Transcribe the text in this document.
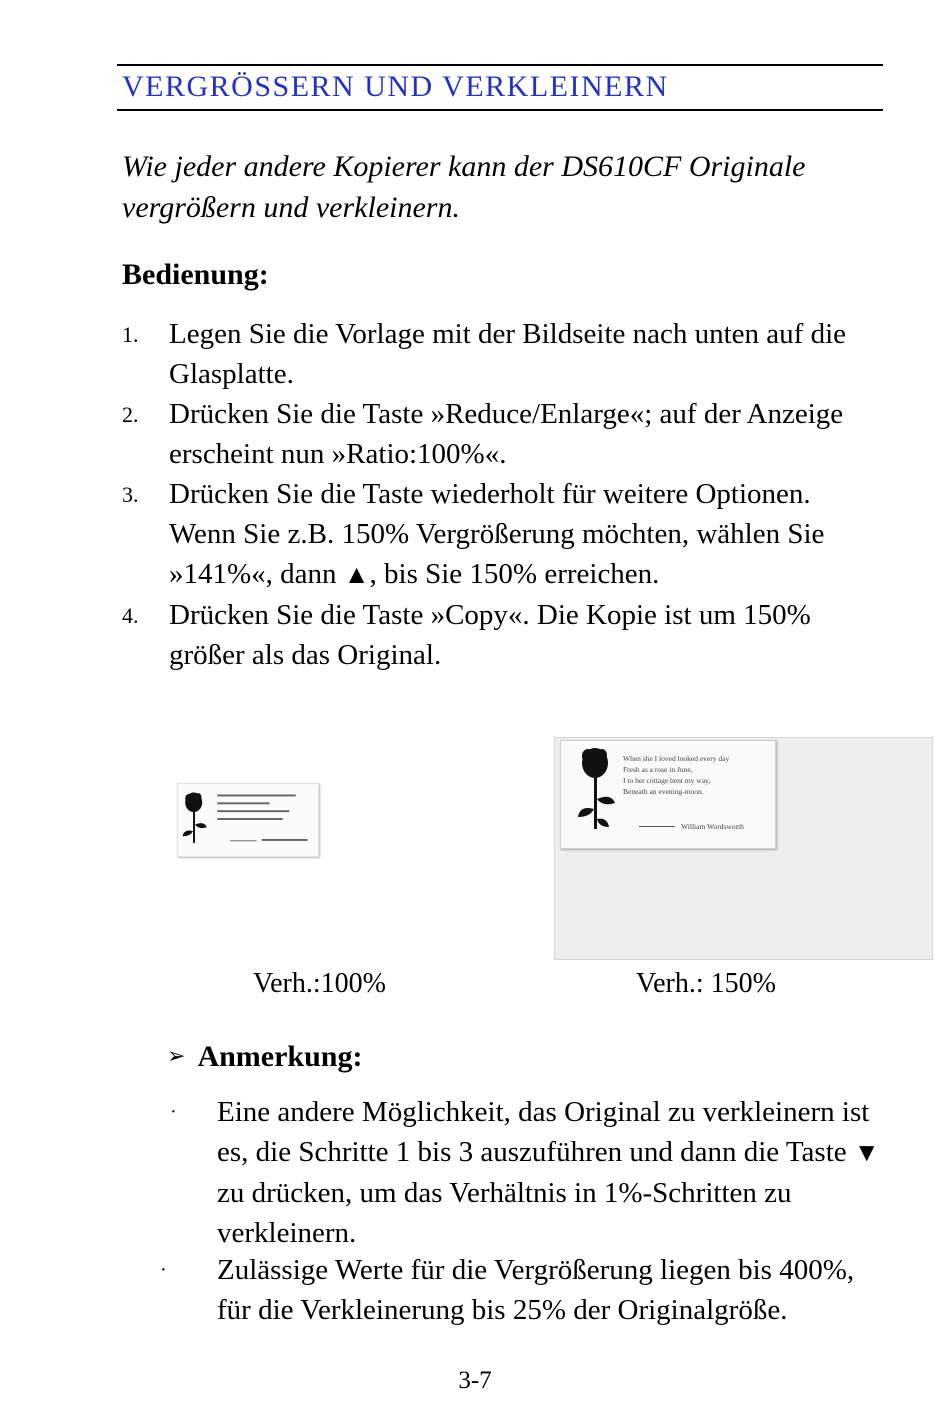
VERGRÖSSERN UND VERKLEINERN
Wie jeder andere Kopierer kann der DS610CF Originale vergrößern und verkleinern.
Bedienung:
1. Legen Sie die Vorlage mit der Bildseite nach unten auf die Glasplatte.
2. Drücken Sie die Taste »Reduce/Enlarge«; auf der Anzeige erscheint nun »Ratio:100%«.
3. Drücken Sie die Taste wiederholt für weitere Optionen. Wenn Sie z.B. 150% Vergrößerung möchten, wählen Sie »141%«, dann ▲, bis Sie 150% erreichen.
4. Drücken Sie die Taste »Copy«. Die Kopie ist um 150% größer als das Original.
When she I loved looked every day
Fresh as a rose in June,
I to her cottage bent my way,
Beneath an evening-moon.
William Wordsworth
Verh.:100%	Verh.: 150%
➢ Anmerkung:
· Eine andere Möglichkeit, das Original zu verkleinern ist es, die Schritte 1 bis 3 auszuführen und dann die Taste ▼ zu drücken, um das Verhältnis in 1%-Schritten zu verkleinern.
· Zulässige Werte für die Vergrößerung liegen bis 400%, für die Verkleinerung bis 25% der Originalgröße.
3-7
